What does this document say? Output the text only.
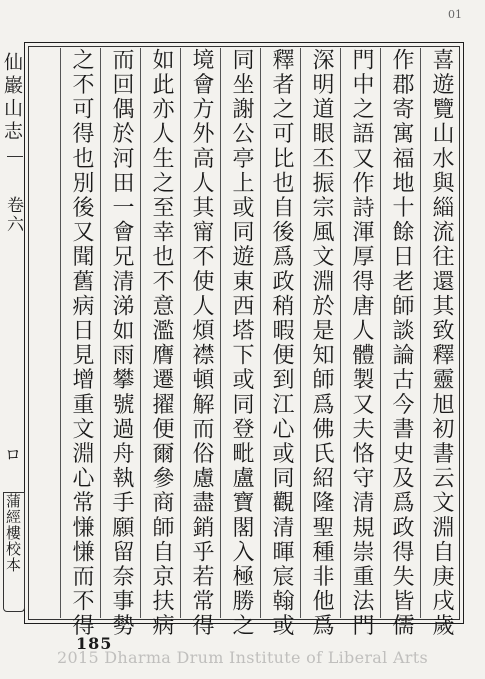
01
仙巖山志
卷六
ロ
蒲經樓校本	喜遊覽山水與緇流往還其致釋靈旭初書云文淵自庚戌歲
作郡寄寓福地十餘日老師談論古今書史及爲政得失皆儒
門中之語又作詩渾厚得唐人體製又夫恪守清規崇重法門
深明道眼丕振宗風文淵於是知師爲佛氏紹隆聖種非他爲
釋者之可比也自後爲政稍暇便到江心或同觀清暉宸翰或
同坐謝公亭上或同遊東西塔下或同登毗盧寶閣入極勝之
境會方外高人其甯不使人煩襟頓解而俗慮盡銷乎若常得
如此亦人生之至幸也不意濫膺遷擢便爾參商師自京扶病
而回偶於河田一會兄清涕如雨攀號過舟執手願留奈事勢
之不可得也別後又聞舊病日見增重文淵心常慊慊而不得
185
2015 Dharma Drum Institute of Liberal Arts
